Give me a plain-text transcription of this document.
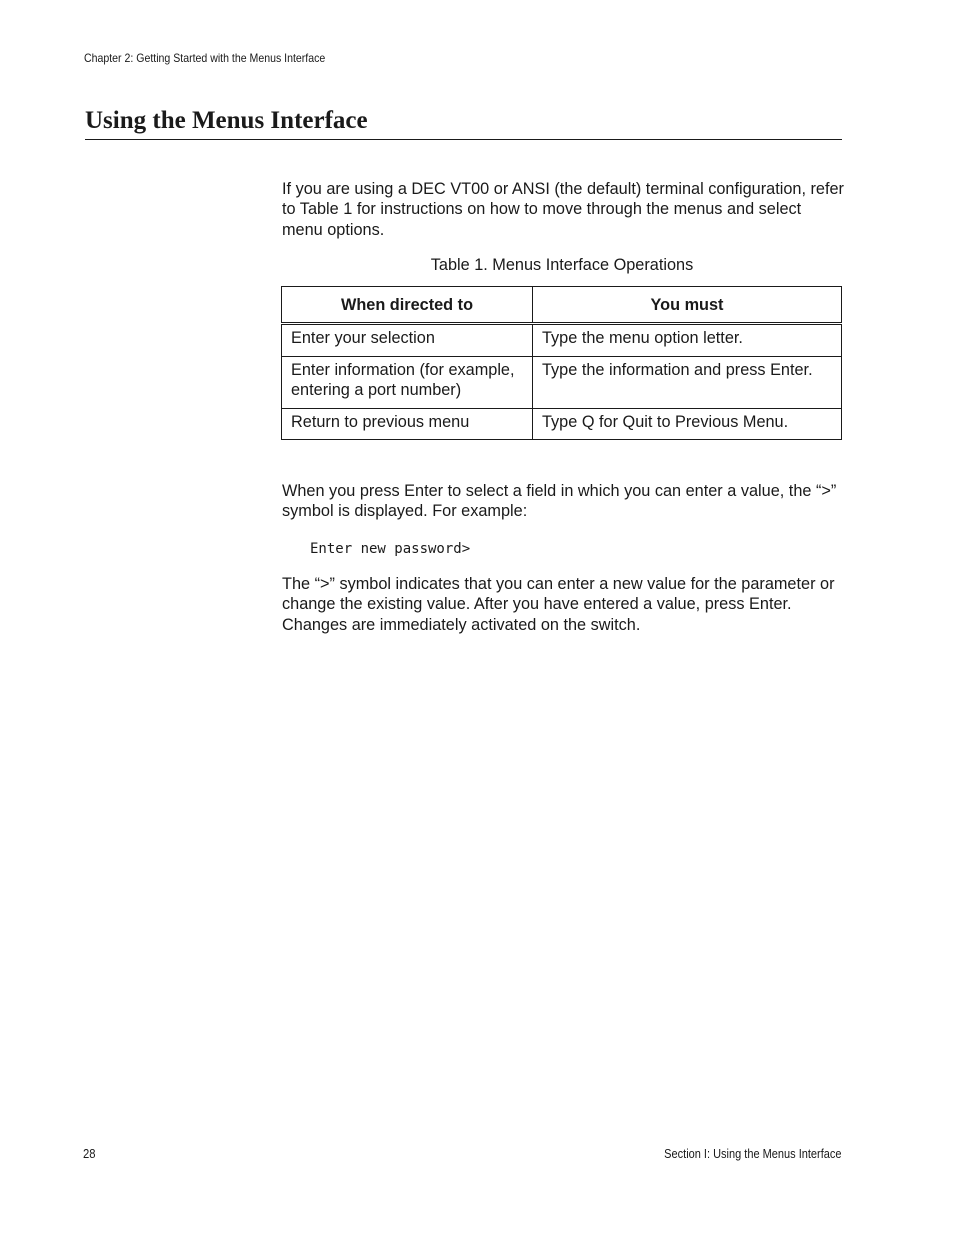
Chapter 2: Getting Started with the Menus Interface
Using the Menus Interface

If you are using a DEC VT00 or ANSI (the default) terminal configuration, refer to Table 1 for instructions on how to move through the menus and select menu options.

Table 1. Menus Interface Operations
When directed to	You must
Enter your selection	Type the menu option letter.
Enter information (for example, entering a port number)	Type the information and press Enter.
Return to previous menu	Type Q for Quit to Previous Menu.

When you press Enter to select a field in which you can enter a value, the “>” symbol is displayed. For example:

Enter new password>

The “>” symbol indicates that you can enter a new value for the parameter or change the existing value. After you have entered a value, press Enter. Changes are immediately activated on the switch.

28	Section I: Using the Menus Interface
